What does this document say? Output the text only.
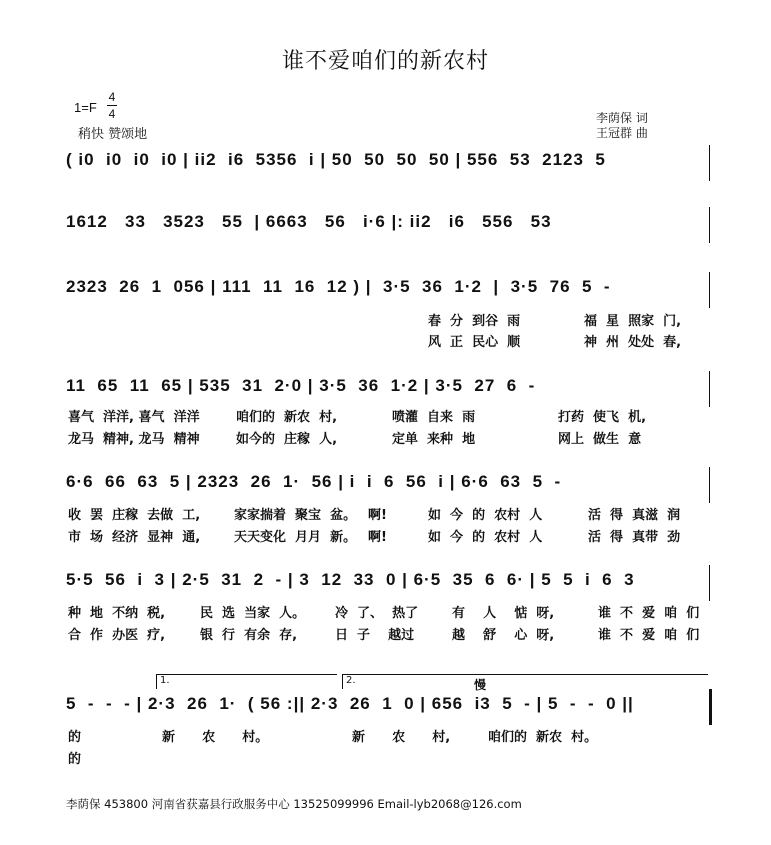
谁不爱咱们的新农村
1=F
4
4
稍快 赞颂地
李荫保 词
王冠群 曲
( i0  i0  i0  i0 | ii2  i6  5356  i | 50  50  50  50 | 556  53  2123  5
1612   33   3523   55  | 6663   56   i·6 |: ii2   i6   556   53
2323  26  1  056 | 111  11  16  12 ) |  3·5  36  1·2  |  3·5  76  5  -
春  分  到谷  雨	福  星  照家  门,
风  正  民心  顺	神  州  处处  春,
11  65  11  65 | 535  31  2·0 | 3·5  36  1·2 | 3·5  27  6  -
喜气  洋洋, 喜气  洋洋	咱们的  新农  村,	喷灌  自来  雨	打药  使飞  机,
龙马  精神, 龙马  精神	如今的  庄稼  人,	定单  来种  地	网上  做生  意
6·6  66  63  5 | 2323  26  1·  56 | i  i  6  56  i | 6·6  63  5  -
收  罢  庄稼  去做  工,	家家揣着  聚宝  盆。 啊!	如  今  的  农村  人	活  得  真滋  润
市  场  经济  显神  通,	天天变化  月月  新。 啊!	如  今  的  农村  人	活  得  真带  劲
5·5  56  i  3 | 2·5  31  2  - | 3  12  33  0 | 6·5  35  6  6· | 5  5  i  6  3
种  地  不纳  税,	民  选  当家  人。 冷  了、  热了	有    人    惦  呀,	谁  不  爱  咱  们
合  作  办医  疗,	银  行  有余  存,	日  子    越过	越    舒    心  呀,	谁  不  爱  咱  们
1.	2.	慢
5  -  -  - | 2·3  26  1·  ( 56 :|| 2·3  26  1  0 | 656  i3  5  - | 5  -  -  0 ||
的	新      农      村。	新      农      村,	咱们的  新农  村。
的
李荫保 453800 河南省获嘉县行政服务中心 13525099996 Email-lyb2068@126.com
